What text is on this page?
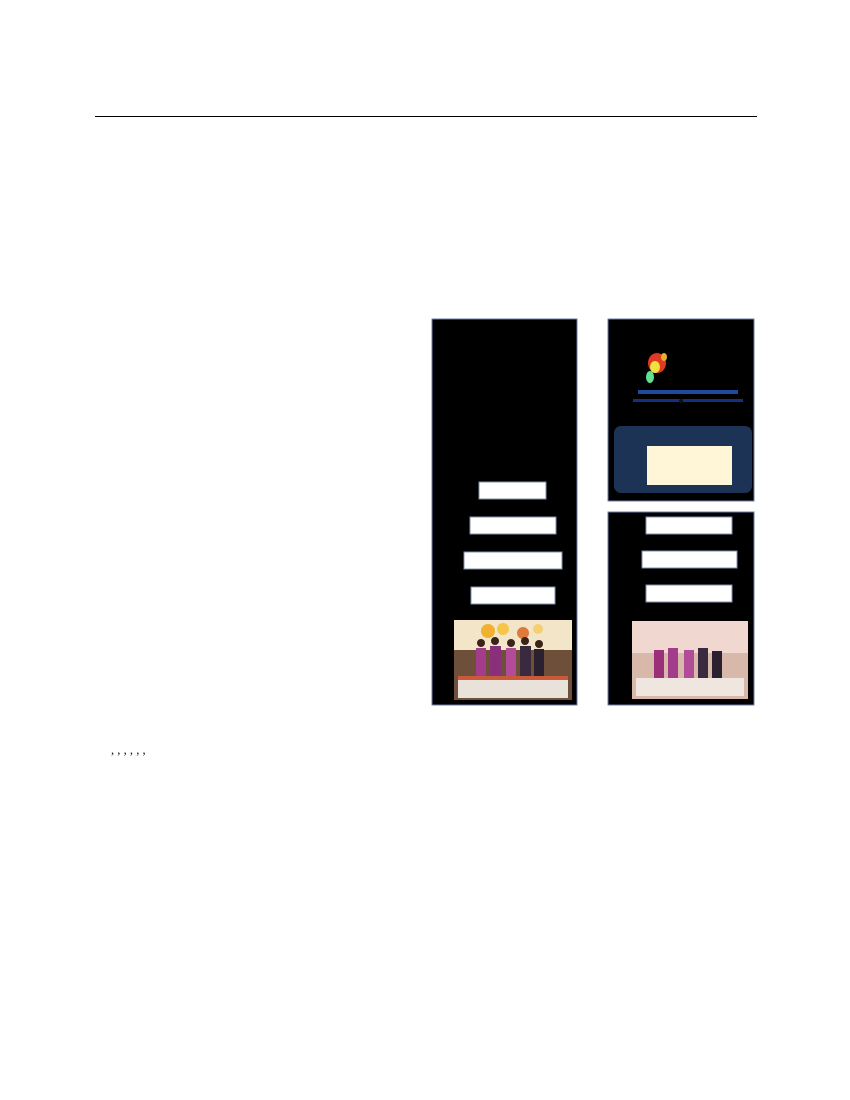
, , , , , ,
